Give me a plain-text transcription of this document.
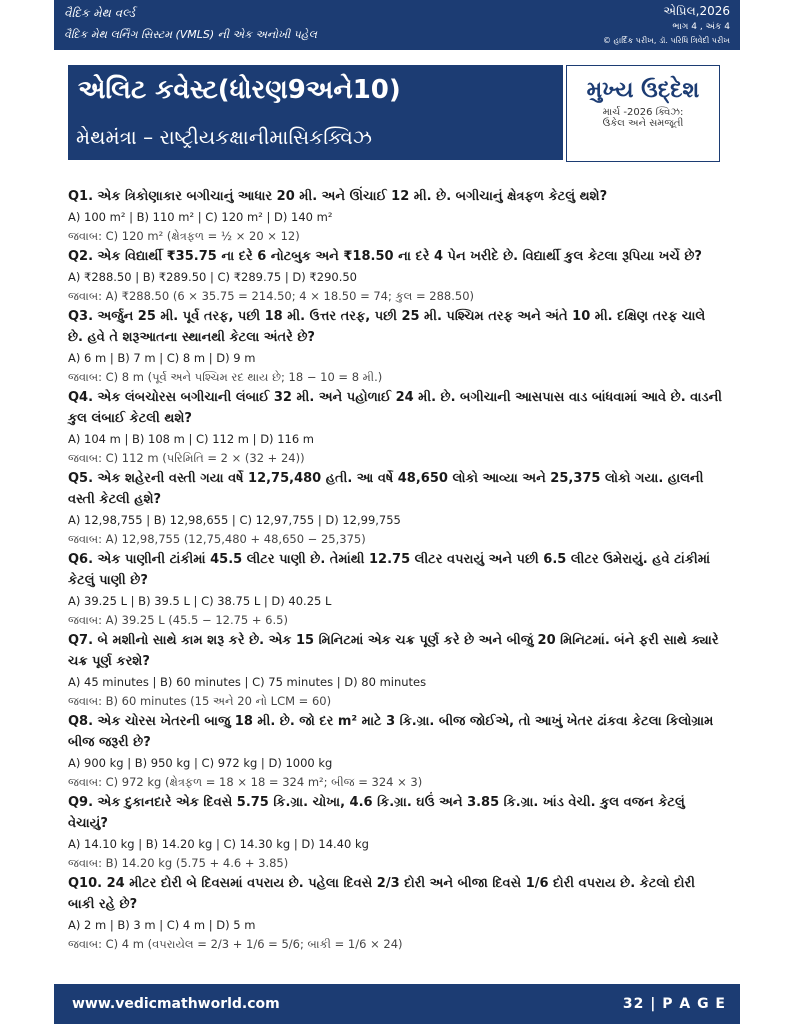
વૈદિક મેથ વર્લ્ડ
વૈદિક મેથ લર્નિંગ સિસ્ટમ (VMLS) ની એક અનોખી પહેલ
એપ્રિલ,2026
ભાગ 4 , અંક 4
© હાર્દિક પરીખ, ડૉ. પરિધિ ત્રિવેદી પરીખ
એલિટ કવેસ્ટ(ધોરણ9અને10)
મેથમંત્રા – રાષ્ટ્રીયકક્ષાનીમાસિકક્વિઝ
મુખ્ય ઉદ્દેશ
માર્ચ -2026 ક્વિઝ:
ઉકેલ અને સમજૂતી
Q1. એક ત્રિકોણાકાર બગીચાનું આધાર 20 મી. અને ઊંચાઈ 12 મી. છે. બગીચાનું ક્ષેત્રફળ કેટલું થશે?
A) 100 m² | B) 110 m² | C) 120 m² | D) 140 m²
જવાબ: C) 120 m² (ક્ષેત્રફળ = ½ × 20 × 12)
Q2. એક વિદ્યાર્થી ₹35.75 ના દરે 6 નોટબુક અને ₹18.50 ના દરે 4 પેન ખરીદે છે. વિદ્યાર્થી કુલ કેટલા રૂપિયા ખર્ચે છે?
A) ₹288.50 | B) ₹289.50 | C) ₹289.75 | D) ₹290.50
જવાબ: A) ₹288.50 (6 × 35.75 = 214.50; 4 × 18.50 = 74; કુલ = 288.50)
Q3. અર્જુન 25 મી. પૂર્વ તરફ, પછી 18 મી. ઉત્તર તરફ, પછી 25 મી. પશ્ચિમ તરફ અને અંતે 10 મી. દક્ષિણ તરફ ચાલે છે. હવે તે શરૂઆતના સ્થાનથી કેટલા અંતરે છે?
A) 6 m | B) 7 m | C) 8 m | D) 9 m
જવાબ: C) 8 m (પૂર્વ અને પશ્ચિમ રદ થાય છે; 18 − 10 = 8 મી.)
Q4. એક લંબચોરસ બગીચાની લંબાઈ 32 મી. અને પહોળાઈ 24 મી. છે. બગીચાની આસપાસ વાડ બાંધવામાં આવે છે. વાડની કુલ લંબાઈ કેટલી થશે?
A) 104 m | B) 108 m | C) 112 m | D) 116 m
જવાબ: C) 112 m (પરિમિતિ = 2 × (32 + 24))
Q5. એક શહેરની વસ્તી ગયા વર્ષે 12,75,480 હતી. આ વર્ષે 48,650 લોકો આવ્યા અને 25,375 લોકો ગયા. હાલની વસ્તી કેટલી હશે?
A) 12,98,755 | B) 12,98,655 | C) 12,97,755 | D) 12,99,755
જવાબ: A) 12,98,755 (12,75,480 + 48,650 − 25,375)
Q6. એક પાણીની ટાંકીમાં 45.5 લીટર પાણી છે. તેમાંથી 12.75 લીટર વપરાયું અને પછી 6.5 લીટર ઉમેરાયું. હવે ટાંકીમાં કેટલું પાણી છે?
A) 39.25 L | B) 39.5 L | C) 38.75 L | D) 40.25 L
જવાબ: A) 39.25 L (45.5 − 12.75 + 6.5)
Q7. બે મશીનો સાથે કામ શરૂ કરે છે. એક 15 મિનિટમાં એક ચક્ર પૂર્ણ કરે છે અને બીજું 20 મિનિટમાં. બંને ફરી સાથે ક્યારે ચક્ર પૂર્ણ કરશે?
A) 45 minutes | B) 60 minutes | C) 75 minutes | D) 80 minutes
જવાબ: B) 60 minutes (15 અને 20 નો LCM = 60)
Q8. એક ચોરસ ખેતરની બાજુ 18 મી. છે. જો દર m² માટે 3 કિ.ગ્રા. બીજ જોઈએ, તો આખું ખેતર ઢાંકવા કેટલા કિલોગ્રામ બીજ જરૂરી છે?
A) 900 kg | B) 950 kg | C) 972 kg | D) 1000 kg
જવાબ: C) 972 kg (ક્ષેત્રફળ = 18 × 18 = 324 m²; બીજ = 324 × 3)
Q9. એક દુકાનદારે એક દિવસે 5.75 કિ.ગ્રા. ચોખા, 4.6 કિ.ગ્રા. ઘઉં અને 3.85 કિ.ગ્રા. ખાંડ વેચી. કુલ વજન કેટલું વેચાયું?
A) 14.10 kg | B) 14.20 kg | C) 14.30 kg | D) 14.40 kg
જવાબ: B) 14.20 kg (5.75 + 4.6 + 3.85)
Q10. 24 મીટર દોરી બે દિવસમાં વપરાય છે. પહેલા દિવસે 2/3 દોરી અને બીજા દિવસે 1/6 દોરી વપરાય છે. કેટલો દોરી બાકી રહે છે?
A) 2 m | B) 3 m | C) 4 m | D) 5 m
જવાબ: C) 4 m (વપરાયેલ = 2/3 + 1/6 = 5/6; બાકી = 1/6 × 24)
www.vedicmathworld.com	32 | P A G E
